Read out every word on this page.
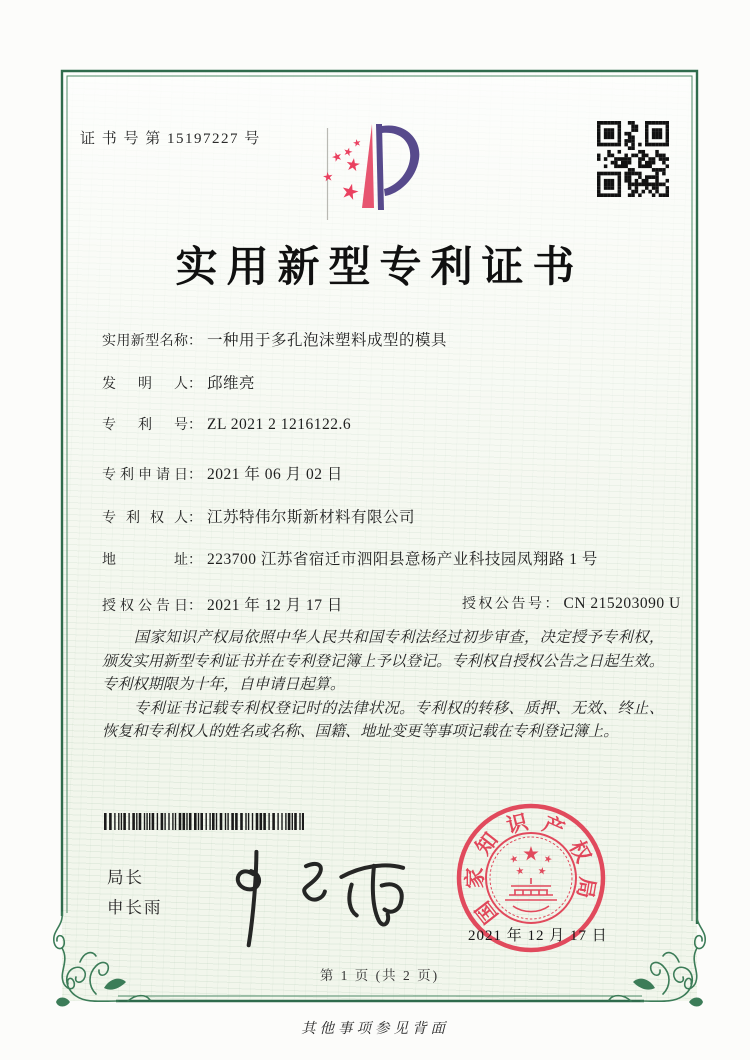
证 书 号 第 15197227 号
实用新型专利证书
实用新型名称： 一种用于多孔泡沫塑料成型的模具
发明人： 邱维亮
专利号： ZL 2021 2 1216122.6
专利申请日： 2021 年 06 月 02 日
专利权人： 江苏特伟尔斯新材料有限公司
地址： 223700 江苏省宿迁市泗阳县意杨产业科技园凤翔路 1 号
授权公告日： 2021 年 12 月 17 日	授权公告号： CN 215203090 U

国家知识产权局依照中华人民共和国专利法经过初步审查，决定授予专利权，颁发实用新型专利证书并在专利登记簿上予以登记。专利权自授权公告之日起生效。专利权期限为十年，自申请日起算。

专利证书记载专利权登记时的法律状况。专利权的转移、质押、无效、终止、恢复和专利权人的姓名或名称、国籍、地址变更等事项记载在专利登记簿上。

局长
申长雨	国
家
知
识 产
权
局
2021 年 12 月 17 日
第 1 页 (共 2 页)
其他事项参见背面
